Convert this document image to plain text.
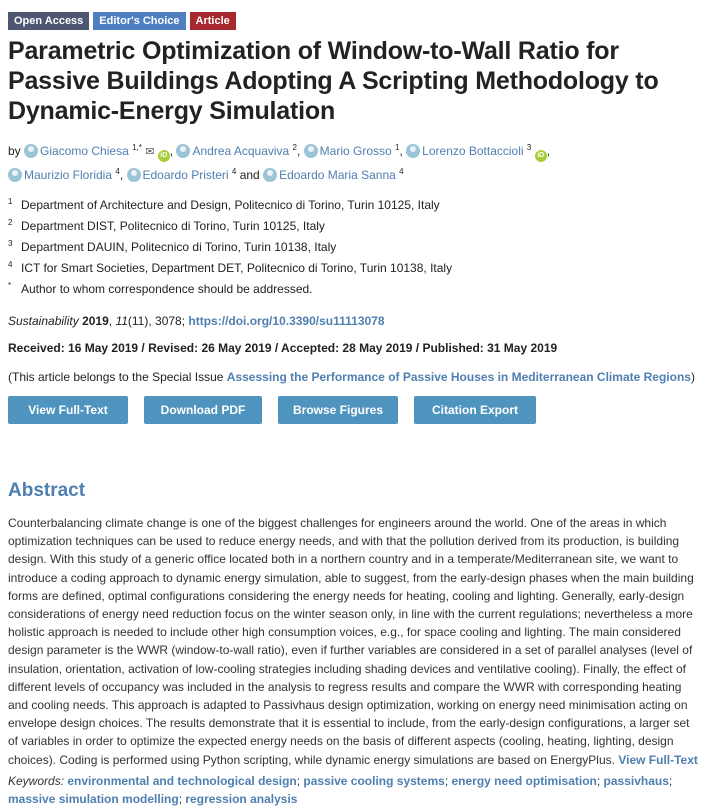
Open Access	Editor's Choice	Article
Parametric Optimization of Window-to-Wall Ratio for Passive Buildings Adopting A Scripting Methodology to Dynamic-Energy Simulation
by Giacomo Chiesa $^{1,*}$ ✉ iD , Andrea Acquaviva $^2$, Mario Grosso $^1$, Lorenzo Bottaccioli $^3$ iD ,
Maurizio Floridia $^4$, Edoardo Pristeri $^4$ and Edoardo Maria Sanna $^4$
1 Department of Architecture and Design, Politecnico di Torino, Turin 10125, Italy
2 Department DIST, Politecnico di Torino, Turin 10125, Italy
3 Department DAUIN, Politecnico di Torino, Turin 10138, Italy
4 ICT for Smart Societies, Department DET, Politecnico di Torino, Turin 10138, Italy
* Author to whom correspondence should be addressed.
Sustainability 2019, 11(11), 3078; https://doi.org/10.3390/su11113078
Received: 16 May 2019 / Revised: 26 May 2019 / Accepted: 28 May 2019 / Published: 31 May 2019
(This article belongs to the Special Issue Assessing the Performance of Passive Houses in Mediterranean Climate Regions)
View Full-Text	Download PDF	Browse Figures	Citation Export
Abstract
Counterbalancing climate change is one of the biggest challenges for engineers around the world. One of the areas in which optimization techniques can be used to reduce energy needs, and with that the pollution derived from its production, is building design. With this study of a generic office located both in a northern country and in a temperate/Mediterranean site, we want to introduce a coding approach to dynamic energy simulation, able to suggest, from the early-design phases when the main building forms are defined, optimal configurations considering the energy needs for heating, cooling and lighting. Generally, early-design considerations of energy need reduction focus on the winter season only, in line with the current regulations; nevertheless a more holistic approach is needed to include other high consumption voices, e.g., for space cooling and lighting. The main considered design parameter is the WWR (window-to-wall ratio), even if further variables are considered in a set of parallel analyses (level of insulation, orientation, activation of low-cooling strategies including shading devices and ventilative cooling). Finally, the effect of different levels of occupancy was included in the analysis to regress results and compare the WWR with corresponding heating and cooling needs. This approach is adapted to Passivhaus design optimization, working on energy need minimisation acting on envelope design choices. The results demonstrate that it is essential to include, from the early-design configurations, a larger set of variables in order to optimize the expected energy needs on the basis of different aspects (cooling, heating, lighting, design choices). Coding is performed using Python scripting, while dynamic energy simulations are based on EnergyPlus. View Full-Text
Keywords: environmental and technological design; passive cooling systems; energy need optimisation; passivhaus; massive simulation modelling; regression analysis
